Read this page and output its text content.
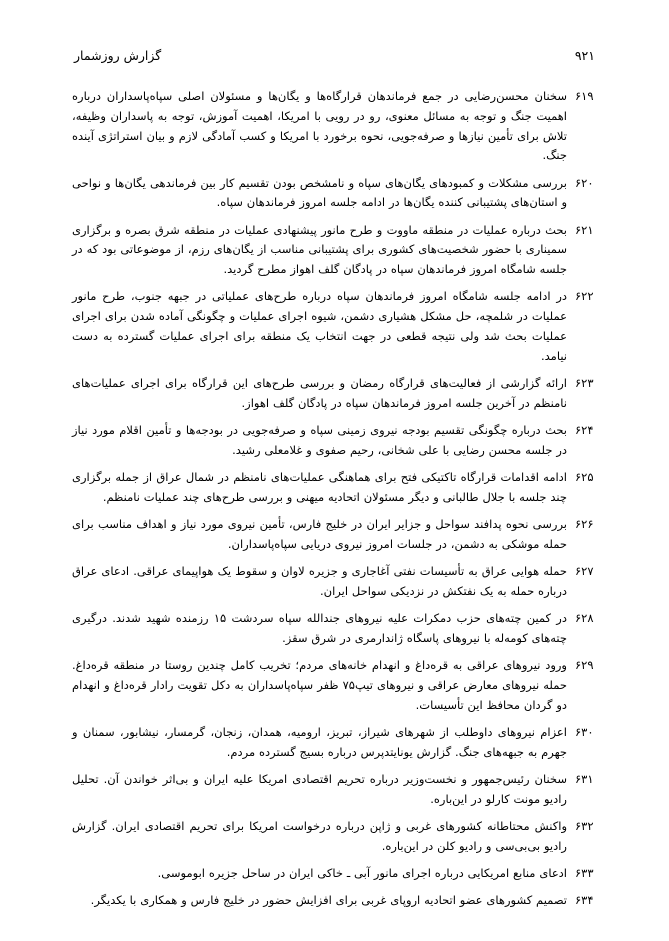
۹۲۱
گزارش روزشمار
۶۱۹
سخنان محسن‌رضایی در جمع فرماندهان قرارگاه‌ها و یگان‌ها و مسئولان اصلی سپاه‌پاسداران درباره اهمیت جنگ و توجه به مسائل معنوی، رو در رویی با امریکا، اهمیت آموزش، توجه به پاسداران وظیفه، تلاش برای تأمین نیازها و صرفه‌جویی، نحوه برخورد با امریکا و کسب آمادگی لازم و بیان استراتژی آینده جنگ.
۶۲۰
بررسی مشکلات و کمبودهای یگان‌های سپاه و نامشخص بودن تقسیم کار بین فرماندهی یگان‌ها و نواحی و استان‌های پشتیبانی کننده یگان‌ها در ادامه جلسه امروز فرماندهان سپاه.
۶۲۱
بحث درباره عملیات در منطقه ماووت و طرح مانور پیشنهادی عملیات در منطقه شرق بصره و برگزاری سمیناری با حضور شخصیت‌های کشوری برای پشتیبانی مناسب از یگان‌های رزم، از موضوعاتی بود که در جلسه شامگاه امروز فرماندهان سپاه در پادگان گلف اهواز مطرح گردید.
۶۲۲
در ادامه جلسه شامگاه امروز فرماندهان سپاه درباره طرح‌های عملیاتی در جبهه جنوب، طرح مانور عملیات در شلمچه، حل مشکل هشیاری دشمن، شیوه اجرای عملیات و چگونگی آماده شدن برای اجرای عملیات بحث شد ولی نتیجه قطعی در جهت انتخاب یک منطقه برای اجرای عملیات گسترده به دست نیامد.
۶۲۳
ارائه گزارشی از فعالیت‌های قرارگاه رمضان و بررسی طرح‌های این قرارگاه برای اجرای عملیات‌های نامنظم در آخرین جلسه امروز فرماندهان سپاه در پادگان گلف اهواز.
۶۲۴
بحث درباره چگونگی تقسیم بودجه نیروی زمینی سپاه و صرفه‌جویی در بودجه‌ها و تأمین اقلام مورد نیاز در جلسه محسن رضایی با علی شخانی، رحیم صفوی و غلامعلی رشید.
۶۲۵
ادامه اقدامات قرارگاه تاکتیکی فتح برای هماهنگی عملیات‌های نامنظم در شمال عراق از جمله برگزاری چند جلسه با جلال طالبانی و دیگر مسئولان اتحادیه میهنی و بررسی طرح‌های چند عملیات نامنظم.
۶۲۶
بررسی نحوه پدافند سواحل و جزایر ایران در خلیج فارس، تأمین نیروی مورد نیاز و اهداف مناسب برای حمله موشکی به دشمن، در جلسات امروز نیروی دریایی سپاه‌پاسداران.
۶۲۷
حمله هوایی عراق به تأسیسات نفتی آغاجاری و جزیره لاوان و سقوط یک هواپیمای عراقی. ادعای عراق درباره حمله به یک نفتکش در نزدیکی سواحل ایران.
۶۲۸
در کمین چته‌های حزب دمکرات علیه نیروهای جندالله سپاه سردشت ۱۵ رزمنده شهید شدند. درگیری چته‌های کومه‌له با نیروهای پاسگاه ژاندارمری در شرق سقز.
۶۲۹
ورود نیروهای عراقی به قره‌داغ و انهدام خانه‌های مردم؛ تخریب کامل چندین روستا در منطقه قره‌داغ. حمله نیروهای معارض عراقی و نیروهای تیپ۷۵ ظفر سپاه‌پاسداران به دکل تقویت رادار قره‌داغ و انهدام دو گردان محافظ این تأسیسات.
۶۳۰
اعزام نیروهای داوطلب از شهرهای شیراز، تبریز، ارومیه، همدان، زنجان، گرمسار، نیشابور، سمنان و جهرم به جبهه‌های جنگ. گزارش یونایتدپرس درباره بسیج گسترده مردم.
۶۳۱
سخنان رئیس‌جمهور و نخست‌وزیر درباره تحریم اقتصادی امریکا علیه ایران و بی‌اثر خواندن آن. تحلیل رادیو مونت کارلو در این‌باره.
۶۳۲
واکنش محتاطانه کشورهای غربی و ژاپن درباره درخواست امریکا برای تحریم اقتصادی ایران. گزارش رادیو بی‌بی‌سی و رادیو کلن در این‌باره.
۶۳۳
ادعای منابع امریکایی درباره اجرای مانور آبی ـ خاکی ایران در ساحل جزیره ابوموسی.
۶۳۴
تصمیم کشورهای عضو اتحادیه اروپای غربی برای افزایش حضور در خلیج فارس و همکاری با یکدیگر.
